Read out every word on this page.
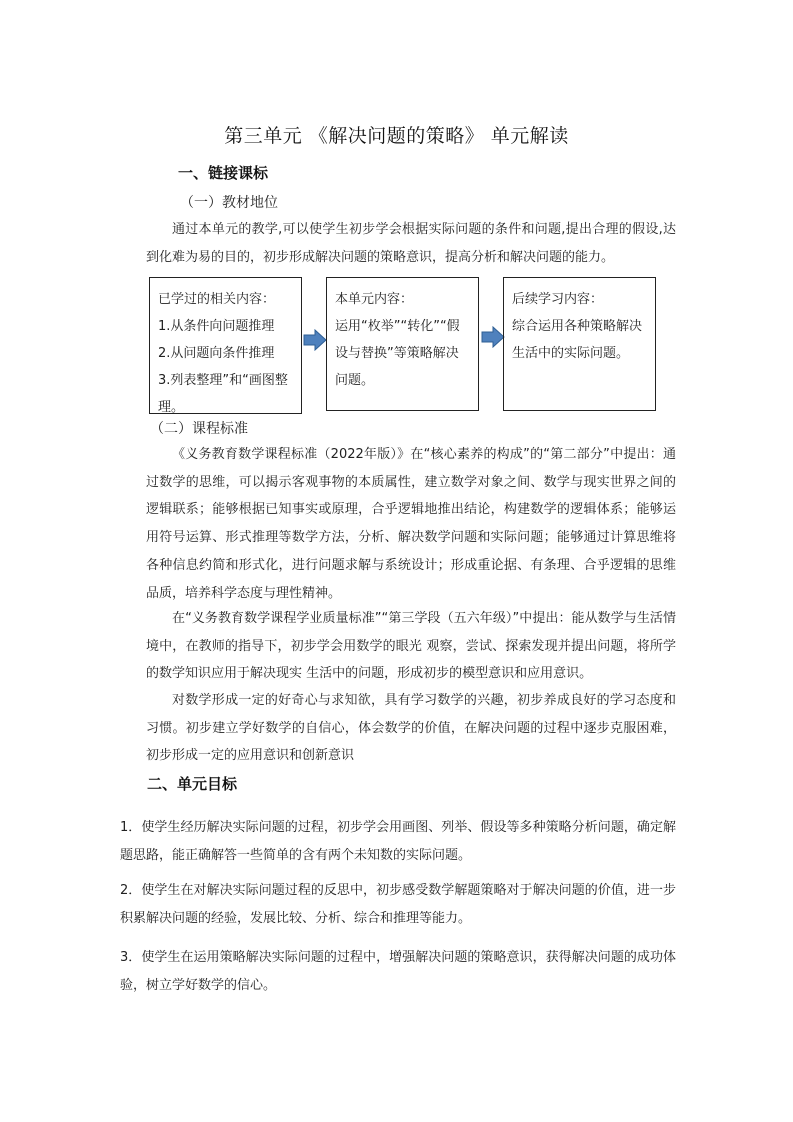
第三单元 《解决问题的策略》 单元解读
一、链接课标
（一）教材地位
通过本单元的教学,可以使学生初步学会根据实际问题的条件和问题,提出合理的假设,达到化难为易的目的，初步形成解决问题的策略意识，提高分析和解决问题的能力。
已学过的相关内容：
1.从条件向问题推理
2.从问题向条件推理
3.列表整理”和“画图整理。
本单元内容：
运用“枚举”“转化”“假设与替换”等策略解决问题。
后续学习内容：
综合运用各种策略解决生活中的实际问题。
（二）课程标准
《义务教育数学课程标准（2022年版）》在“核心素养的构成”的“第二部分”中提出：通过数学的思维，可以揭示客观事物的本质属性，建立数学对象之间、数学与现实世界之间的逻辑联系；能够根据已知事实或原理，合乎逻辑地推出结论，构建数学的逻辑体系；能够运用符号运算、形式推理等数学方法，分析、解决数学问题和实际问题；能够通过计算思维将各种信息约简和形式化，进行问题求解与系统设计；形成重论据、有条理、合乎逻辑的思维品质，培养科学态度与理性精神。
在“义务教育数学课程学业质量标准”“第三学段（五六年级）”中提出：能从数学与生活情境中，在教师的指导下，初步学会用数学的眼光 观察，尝试、探索发现并提出问题，将所学的数学知识应用于解决现实 生活中的问题，形成初步的模型意识和应用意识。
对数学形成一定的好奇心与求知欲，具有学习数学的兴趣，初步养成良好的学习态度和习惯。初步建立学好数学的自信心，体会数学的价值，在解决问题的过程中逐步克服困难，初步形成一定的应用意识和创新意识
二、单元目标
1．使学生经历解决实际问题的过程，初步学会用画图、列举、假设等多种策略分析问题，确定解题思路，能正确解答一些简单的含有两个未知数的实际问题。
2．使学生在对解决实际问题过程的反思中，初步感受数学解题策略对于解决问题的价值，进一步积累解决问题的经验，发展比较、分析、综合和推理等能力。
3．使学生在运用策略解决实际问题的过程中，增强解决问题的策略意识，获得解决问题的成功体验，树立学好数学的信心。
